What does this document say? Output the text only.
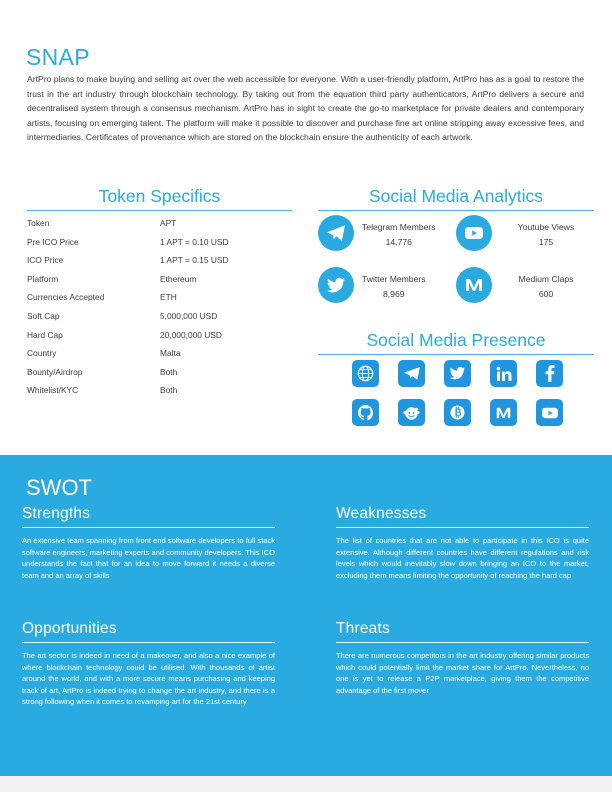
SNAP

ArtPro plans to make buying and selling art over the web accessible for everyone. With a user-friendly platform, ArtPro has as a goal to restore the trust in the art industry through blockchain technology. By taking out from the equation third party authenticators, ArtPro delivers a secure and decentralised system through a consensus mechanism. ArtPro has in sight to create the go-to marketplace for private dealers and contemporary artists, focusing on emerging talent. The platform will make it possible to discover and purchase fine art online stripping away excessive fees, and intermediaries. Certificates of provenance which are stored on the blockchain ensure the authenticity of each artwork.

Token Specifics	Social Media Analytics
Token	APT
Pre ICO Price	1 APT = 0.10 USD
ICO Price	1 APT = 0.15 USD
Platform	Ethereum
Currencies Accepted	ETH
Soft Cap	5,000,000 USD
Hard Cap	20,000,000 USD
Country	Malta
Bounty/Airdrop	Both
Whitelist/KYC	Both
Telegram Members
14,776
Youtube Views
175
Twitter Members
8,969
Medium Claps
600
Social Media Presence
SWOT
Strengths
An extensive team spanning from front end software developers to full stack software engineers, marketing experts and community developers. This ICO understands the fact that for an idea to move forward it needs a diverse team and an array of skills
Weaknesses
The list of countries that are not able to participate in this ICO is quite extensive. Although different countries have different regulations and risk levels which would inevitably slow down bringing an ICO to the market, excluding them means limiting the opportunity of reaching the hard cap
Opportunities
The art sector is indeed in need of a makeover, and also a nice example of where blockchain technology could be utilised. With thousands of artist around the world, and with a more secure means purchasing and keeping track of art, ArtPro is indeed trying to change the art industry, and there is a strong following when it comes to revamping art for the 21st century
Threats
There are numerous competitors in the art industry offering similar products which could potentially limit the market share for ArtPro. Nevertheless, no one is yet to release a P2P marketplace, giving them the competitive advantage of the first mover
